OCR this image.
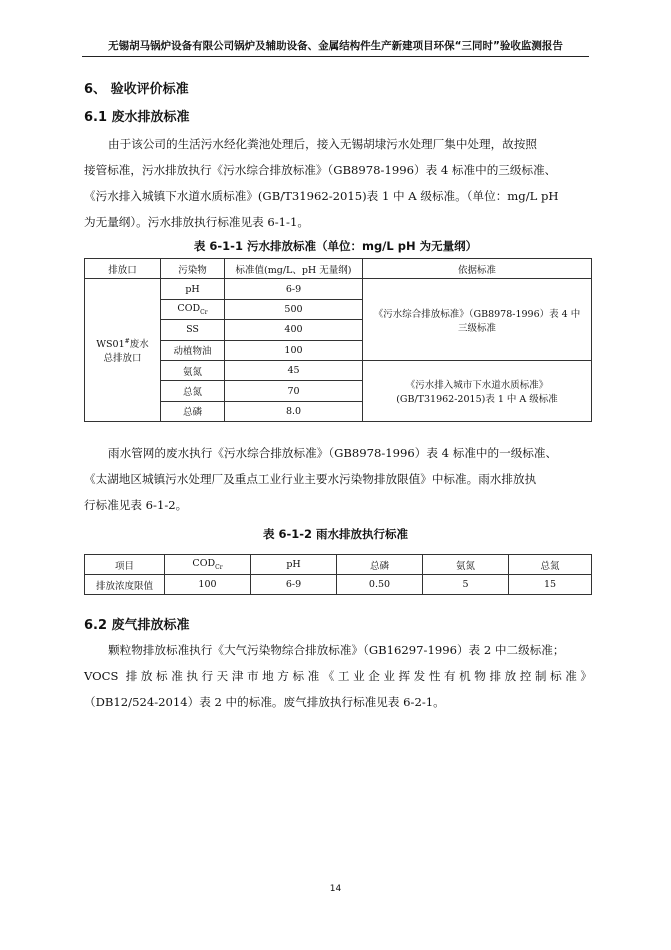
无锡胡马锅炉设备有限公司锅炉及辅助设备、金属结构件生产新建项目环保“三同时”验收监测报告
6、 验收评价标准
6.1 废水排放标准
由于该公司的生活污水经化粪池处理后，接入无锡胡埭污水处理厂集中处理，故按照
接管标准，污水排放执行《污水综合排放标准》（GB8978-1996）表 4 标准中的三级标准、
《污水排入城镇下水道水质标准》(GB/T31962-2015)表 1 中 A 级标准。（单位：mg/L pH
为无量纲）。污水排放执行标准见表 6-1-1。
表 6-1-1 污水排放标准（单位：mg/L pH 为无量纲）
排放口	污染物	标准值(mg/L、pH 无量纲)	依据标准
WS01#废水
总排放口	pH	6-9	《污水综合排放标准》（GB8978-1996）表 4 中
三级标准
	$COD_{Cr}$	500	
	SS	400	
	动植物油	100	
	氨氮	45	《污水排入城市下水道水质标准》
(GB/T31962-2015)表 1 中 A 级标准
	总氮	70	
	总磷	8.0	
雨水管网的废水执行《污水综合排放标准》（GB8978-1996）表 4 标准中的一级标准、
《太湖地区城镇污水处理厂及重点工业行业主要水污染物排放限值》中标准。雨水排放执
行标准见表 6-1-2。
表 6-1-2 雨水排放执行标准
项目	$COD_{Cr}$	pH	总磷	氨氮	总氮
排放浓度限值	100	6-9	0.50	5	15
6.2 废气排放标准
颗粒物排放标准执行《大气污染物综合排放标准》（GB16297-1996）表 2 中二级标准；
VOCS 排放标准执行天津市地方标准《工业企业挥发性有机物排放控制标准》
（DB12/524-2014）表 2 中的标准。废气排放执行标准见表 6-2-1。
14
